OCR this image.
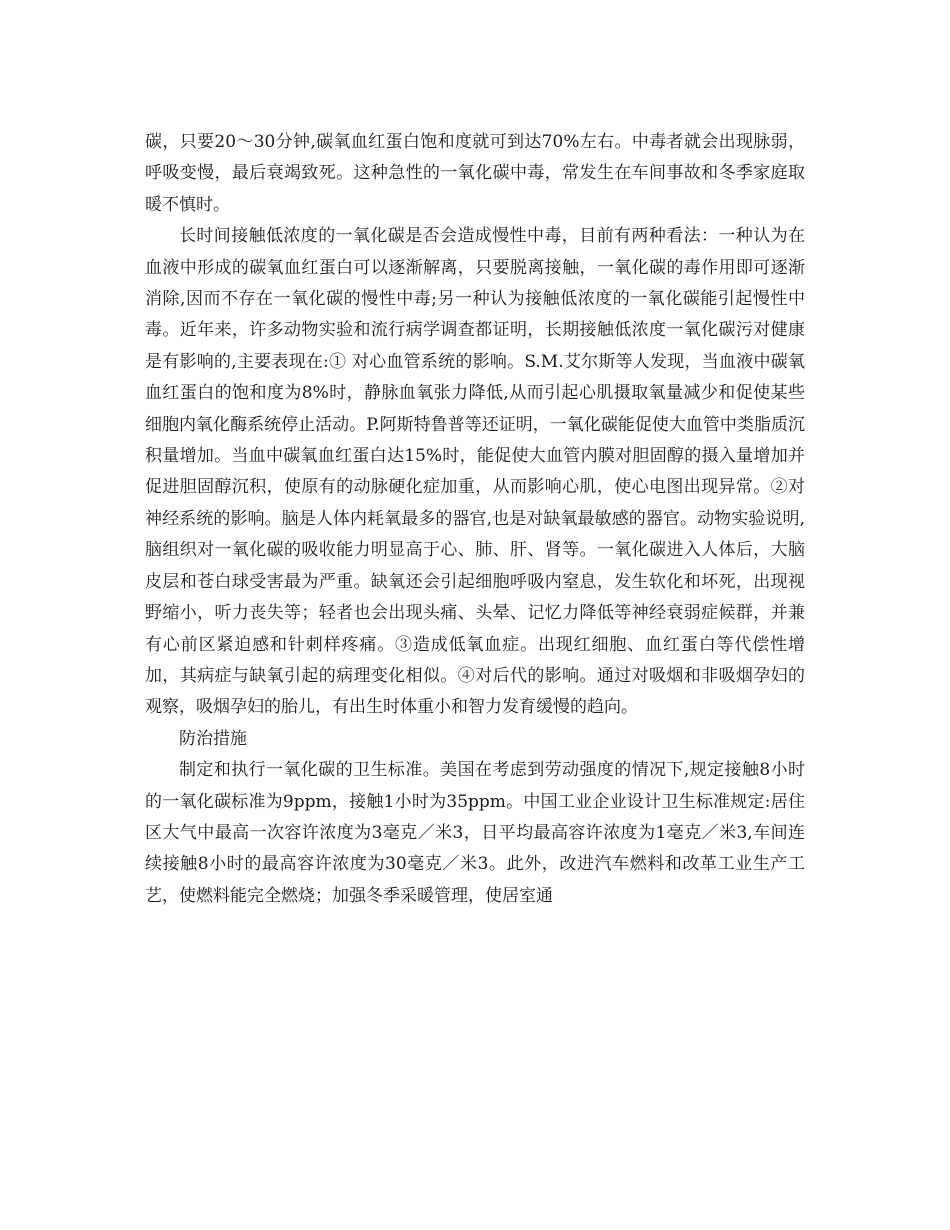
碳，只要20～30分钟,碳氧血红蛋白饱和度就可到达70%左右。中毒者就会出现脉弱，呼吸变慢，最后衰竭致死。这种急性的一氧化碳中毒，常发生在车间事故和冬季家庭取暖不慎时。

长时间接触低浓度的一氧化碳是否会造成慢性中毒，目前有两种看法：一种认为在血液中形成的碳氧血红蛋白可以逐渐解离，只要脱离接触，一氧化碳的毒作用即可逐渐消除,因而不存在一氧化碳的慢性中毒;另一种认为接触低浓度的一氧化碳能引起慢性中毒。近年来，许多动物实验和流行病学调查都证明，长期接触低浓度一氧化碳污对健康是有影响的,主要表现在:① 对心血管系统的影响。S.M.艾尔斯等人发现，当血液中碳氧血红蛋白的饱和度为8%时，静脉血氧张力降低,从而引起心肌摄取氧量减少和促使某些细胞内氧化酶系统停止活动。P.阿斯特鲁普等还证明，一氧化碳能促使大血管中类脂质沉积量增加。当血中碳氧血红蛋白达15%时，能促使大血管内膜对胆固醇的摄入量增加并促进胆固醇沉积，使原有的动脉硬化症加重，从而影响心肌，使心电图出现异常。②对神经系统的影响。脑是人体内耗氧最多的器官,也是对缺氧最敏感的器官。动物实验说明,脑组织对一氧化碳的吸收能力明显高于心、肺、肝、肾等。一氧化碳进入人体后，大脑皮层和苍白球受害最为严重。缺氧还会引起细胞呼吸内窒息，发生软化和坏死，出现视野缩小，听力丧失等；轻者也会出现头痛、头晕、记忆力降低等神经衰弱症候群，并兼有心前区紧迫感和针刺样疼痛。③造成低氧血症。出现红细胞、血红蛋白等代偿性增加，其病症与缺氧引起的病理变化相似。④对后代的影响。通过对吸烟和非吸烟孕妇的观察，吸烟孕妇的胎儿，有出生时体重小和智力发育缓慢的趋向。

防治措施

制定和执行一氧化碳的卫生标准。美国在考虑到劳动强度的情况下,规定接触8小时的一氧化碳标准为9ppm，接触1小时为35ppm。中国工业企业设计卫生标准规定:居住区大气中最高一次容许浓度为3毫克／米3，日平均最高容许浓度为1毫克／米3,车间连续接触8小时的最高容许浓度为30毫克／米3。此外，改进汽车燃料和改革工业生产工艺，使燃料能完全燃烧；加强冬季采暖管理，使居室通
